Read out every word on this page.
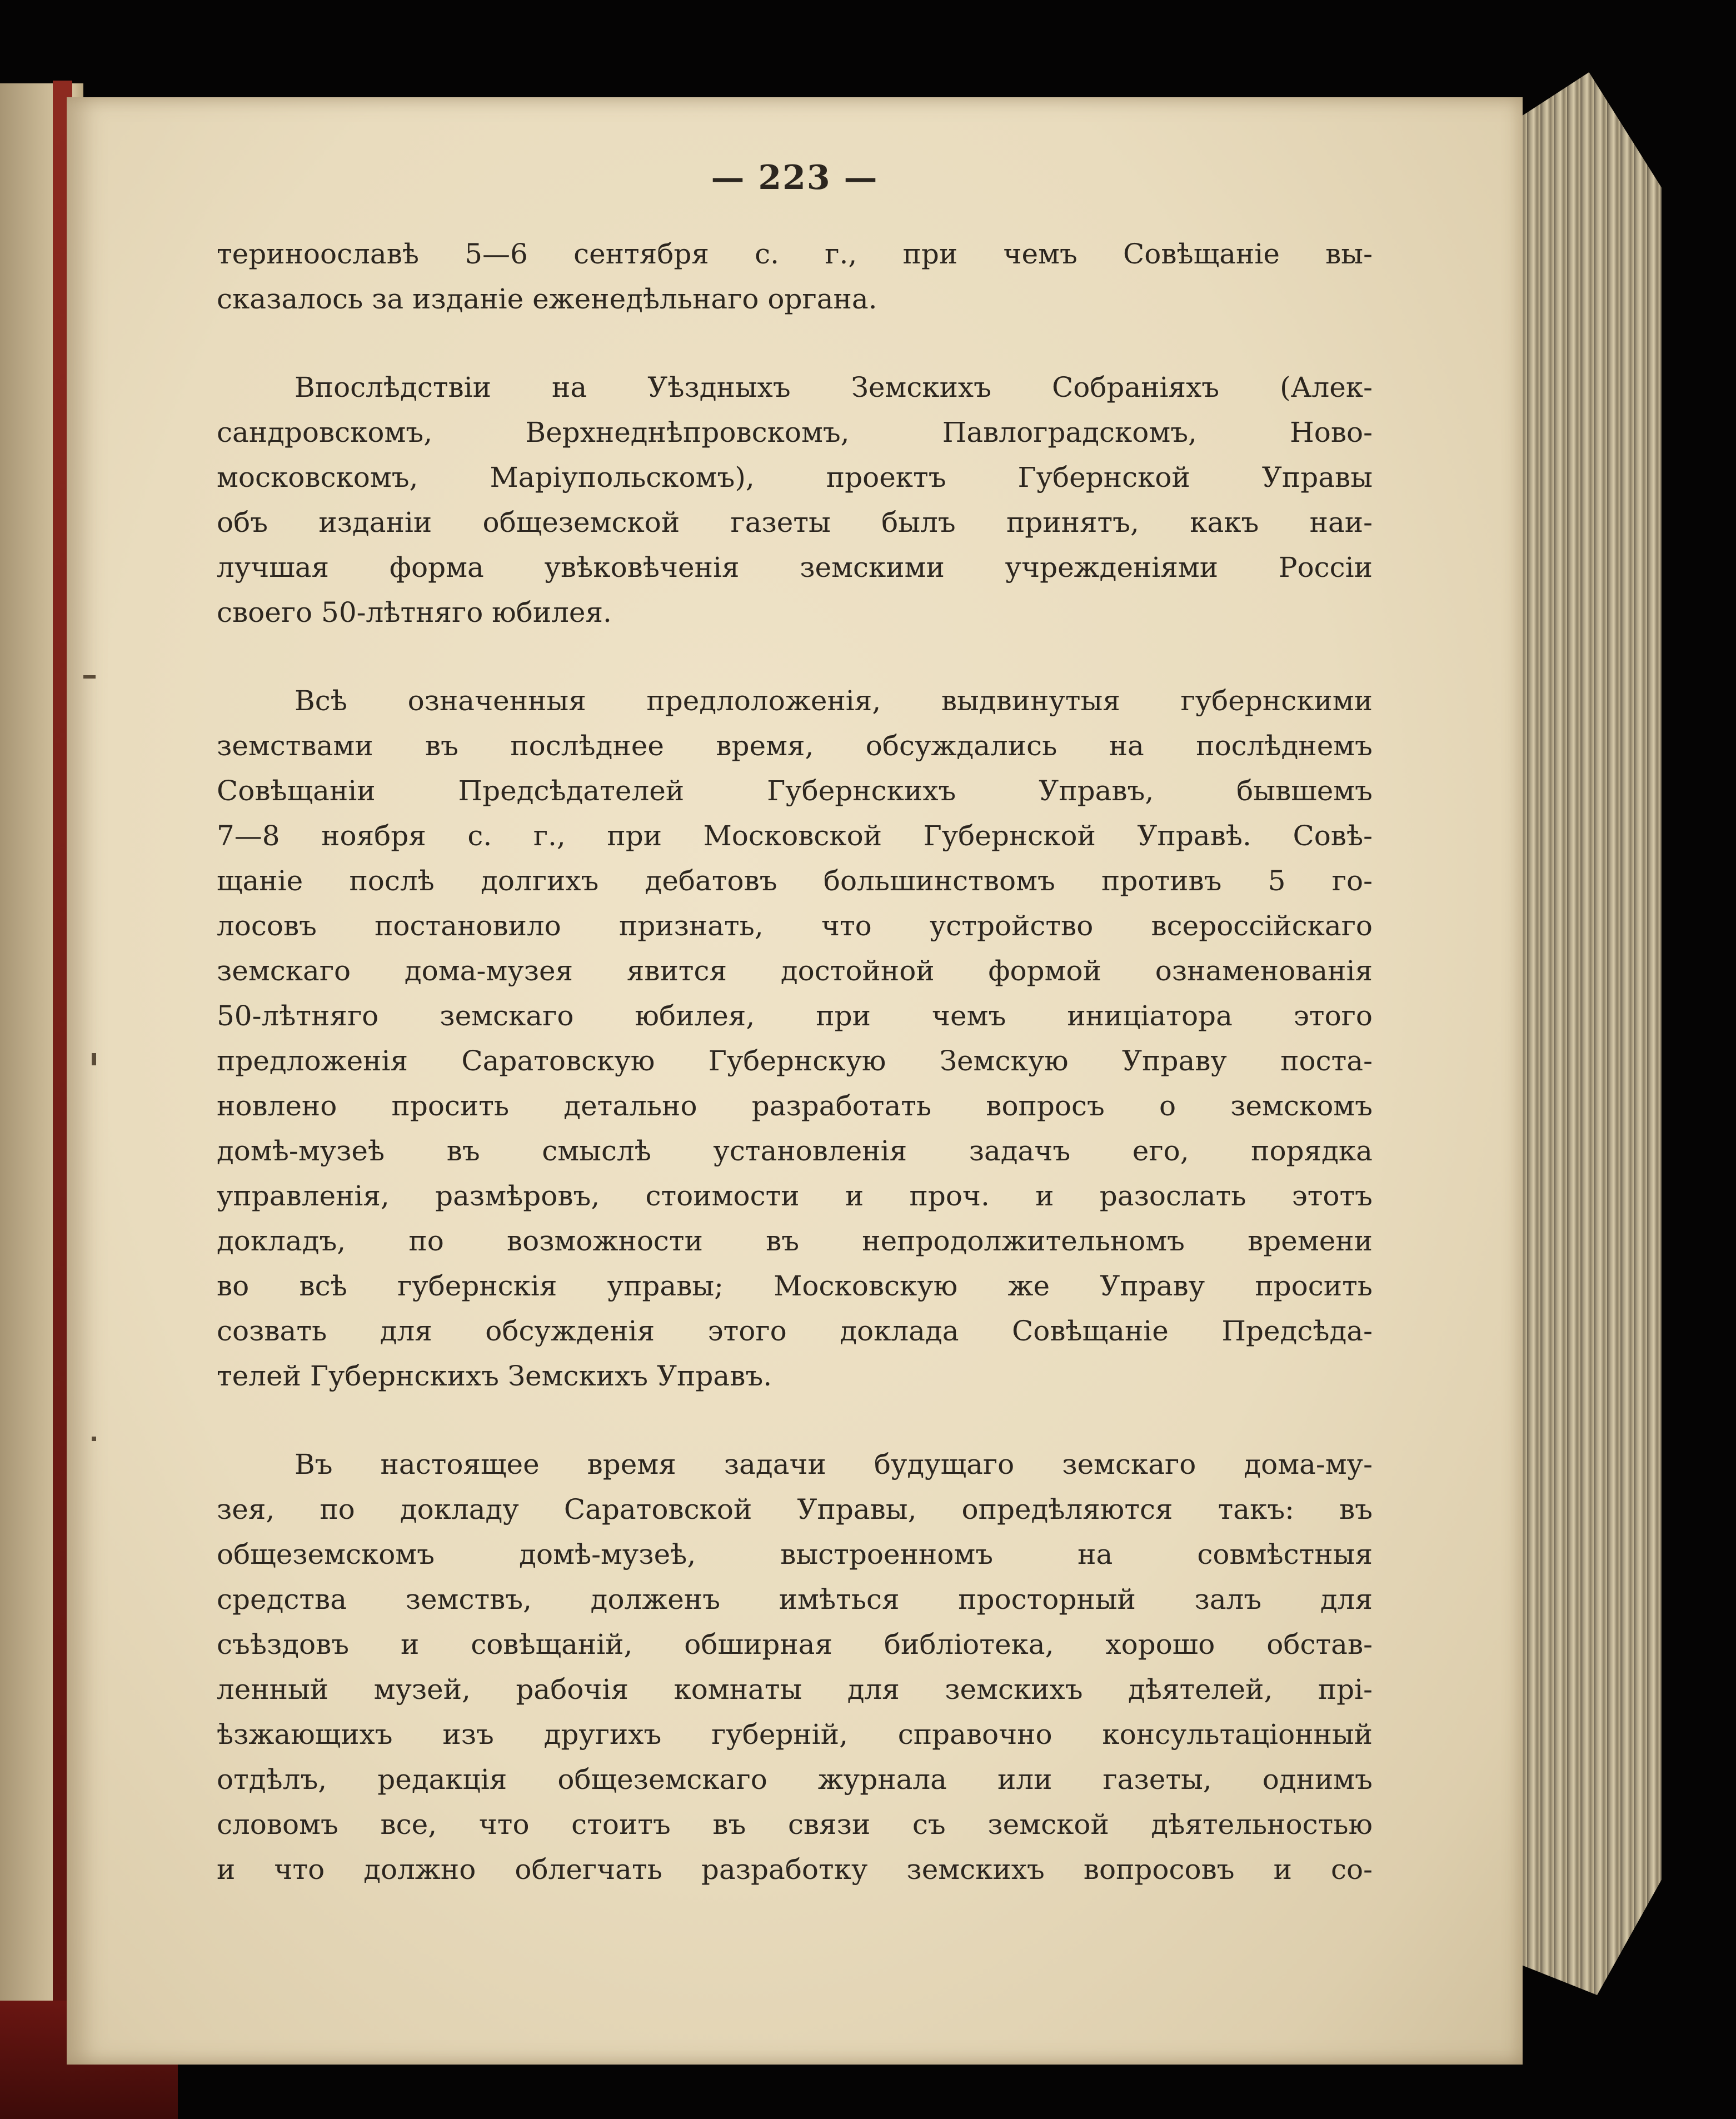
— 223 —

териноославѣ 5—6 сентября с. г., при чемъ Совѣщаніе вы-
сказалось за изданіе еженедѣльнаго органа.

Впослѣдствіи на Уѣздныхъ Земскихъ Собраніяхъ (Алек-
сандровскомъ, Верхнеднѣпровскомъ, Павлоградскомъ, Ново-
московскомъ, Маріупольскомъ), проектъ Губернской Управы
объ изданіи общеземской газеты былъ принятъ, какъ наи-
лучшая форма увѣковѣченія земскими учрежденіями Россіи
своего 50-лѣтняго юбилея.

Всѣ означенныя предлоложенія, выдвинутыя губернскими
земствами въ послѣднее время, обсуждались на послѣднемъ
Совѣщаніи Предсѣдателей Губернскихъ Управъ, бывшемъ
7—8 ноября с. г., при Московской Губернской Управѣ. Совѣ-
щаніе послѣ долгихъ дебатовъ большинствомъ противъ 5 го-
лосовъ постановило признать, что устройство всероссійскаго
земскаго дома-музея явится достойной формой ознаменованія
50-лѣтняго земскаго юбилея, при чемъ иниціатора этого
предложенія Саратовскую Губернскую Земскую Управу поста-
новлено просить детально разработать вопросъ о земскомъ
домѣ-музеѣ въ смыслѣ установленія задачъ его, порядка
управленія, размѣровъ, стоимости и проч. и разослать этотъ
докладъ, по возможности въ непродолжительномъ времени
во всѣ губернскія управы; Московскую же Управу просить
созвать для обсужденія этого доклада Совѣщаніе Предсѣда-
телей Губернскихъ Земскихъ Управъ.

Въ настоящее время задачи будущаго земскаго дома-му-
зея, по докладу Саратовской Управы, опредѣляются такъ: въ
общеземскомъ домѣ-музеѣ, выстроенномъ на совмѣстныя
средства земствъ, долженъ имѣться просторный залъ для
съѣздовъ и совѣщаній, обширная библіотека, хорошо обстав-
ленный музей, рабочія комнаты для земскихъ дѣятелей, прі-
ѣзжающихъ изъ другихъ губерній, справочно консультаціонный
отдѣлъ, редакція общеземскаго журнала или газеты, однимъ
словомъ все, что стоитъ въ связи съ земской дѣятельностью
и что должно облегчать разработку земскихъ вопросовъ и со-
